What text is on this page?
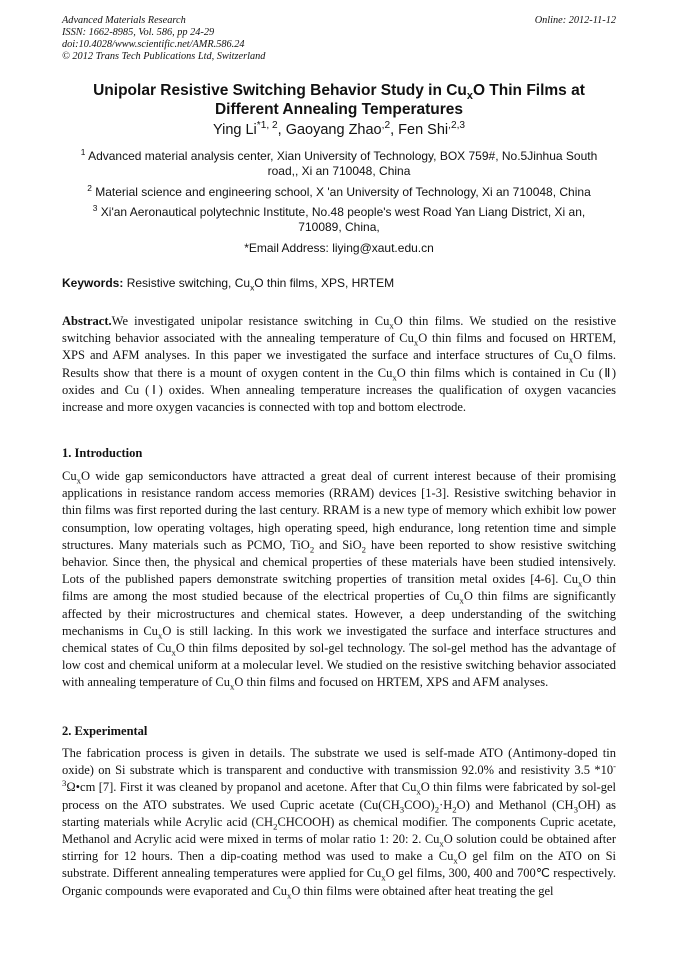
Advanced Materials Research
ISSN: 1662-8985, Vol. 586, pp 24-29
doi:10.4028/www.scientific.net/AMR.586.24
© 2012 Trans Tech Publications Ltd, Switzerland
Online: 2012-11-12
Unipolar Resistive Switching Behavior Study in $Cu_xO$ Thin Films at
Different Annealing Temperatures
Ying Li$^{*1, 2}$, Gaoyang Zhao$^{,2}$, Fen Shi$^{,2,3}$
$^1$ Advanced material analysis center, Xian University of Technology, BOX 759#, No.5Jinhua South
road,, Xi an 710048, China
$^2$ Material science and engineering school, X 'an University of Technology, Xi an 710048, China
$^3$ Xi'an Aeronautical polytechnic Institute, No.48 people's west Road Yan Liang District, Xi an,
710089, China,
*Email Address: liying@xaut.edu.cn
Keywords: Resistive switching, $Cu_xO$ thin films, XPS, HRTEM

Abstract.We investigated unipolar resistance switching in $Cu_xO$ thin films. We studied on the resistive switching behavior associated with the annealing temperature of $Cu_xO$ thin films and focused on HRTEM, XPS and AFM analyses. In this paper we investigated the surface and interface structures of $Cu_xO$ films. Results show that there is a mount of oxygen content in the $Cu_xO$ thin films which is contained in Cu (Ⅱ) oxides and Cu (Ⅰ) oxides. When annealing temperature increases the qualification of oxygen vacancies increase and more oxygen vacancies is connected with top and bottom electrode.

1. Introduction

$Cu_xO$ wide gap semiconductors have attracted a great deal of current interest because of their promising applications in resistance random access memories (RRAM) devices [1-3]. Resistive switching behavior in thin films was first reported during the last century. RRAM is a new type of memory which exhibit low power consumption, low operating voltages, high operating speed, high endurance, long retention time and simple structures. Many materials such as PCMO, TiO$_2$ and SiO$_2$ have been reported to show resistive switching behavior. Since then, the physical and chemical properties of these materials have been studied intensively. Lots of the published papers demonstrate switching properties of transition metal oxides [4-6]. $Cu_xO$ thin films are among the most studied because of the electrical properties of $Cu_xO$ thin films are significantly affected by their microstructures and chemical states. However, a deep understanding of the switching mechanisms in $Cu_xO$ is still lacking. In this work we investigated the surface and interface structures and chemical states of $Cu_xO$ thin films deposited by sol-gel technology. The sol-gel method has the advantage of low cost and chemical uniform at a molecular level. We studied on the resistive switching behavior associated with annealing temperature of $Cu_xO$ thin films and focused on HRTEM, XPS and AFM analyses.

2. Experimental

The fabrication process is given in details. The substrate we used is self-made ATO (Antimony-doped tin oxide) on Si substrate which is transparent and conductive with transmission 92.0% and resistivity 3.5 $*10^{-3}\Omega•cm$ [7]. First it was cleaned by propanol and acetone. After that $Cu_xO$ thin films were fabricated by sol-gel process on the ATO substrates. We used Cupric acetate $(Cu(CH_3COO)_2\cdot H_2O)$ and Methanol $(CH_3OH)$ as starting materials while Acrylic acid $(CH_2CHCOOH)$ as chemical modifier. The components Cupric acetate, Methanol and Acrylic acid were mixed in terms of molar ratio 1: 20: 2. $Cu_xO$ solution could be obtained after stirring for 12 hours. Then a dip-coating method was used to make a $Cu_xO$ gel film on the ATO on Si substrate. Different annealing temperatures were applied for $Cu_xO$ gel films, 300, 400 and 700℃ respectively. Organic compounds were evaporated and $Cu_xO$ thin films were obtained after heat treating the gel
